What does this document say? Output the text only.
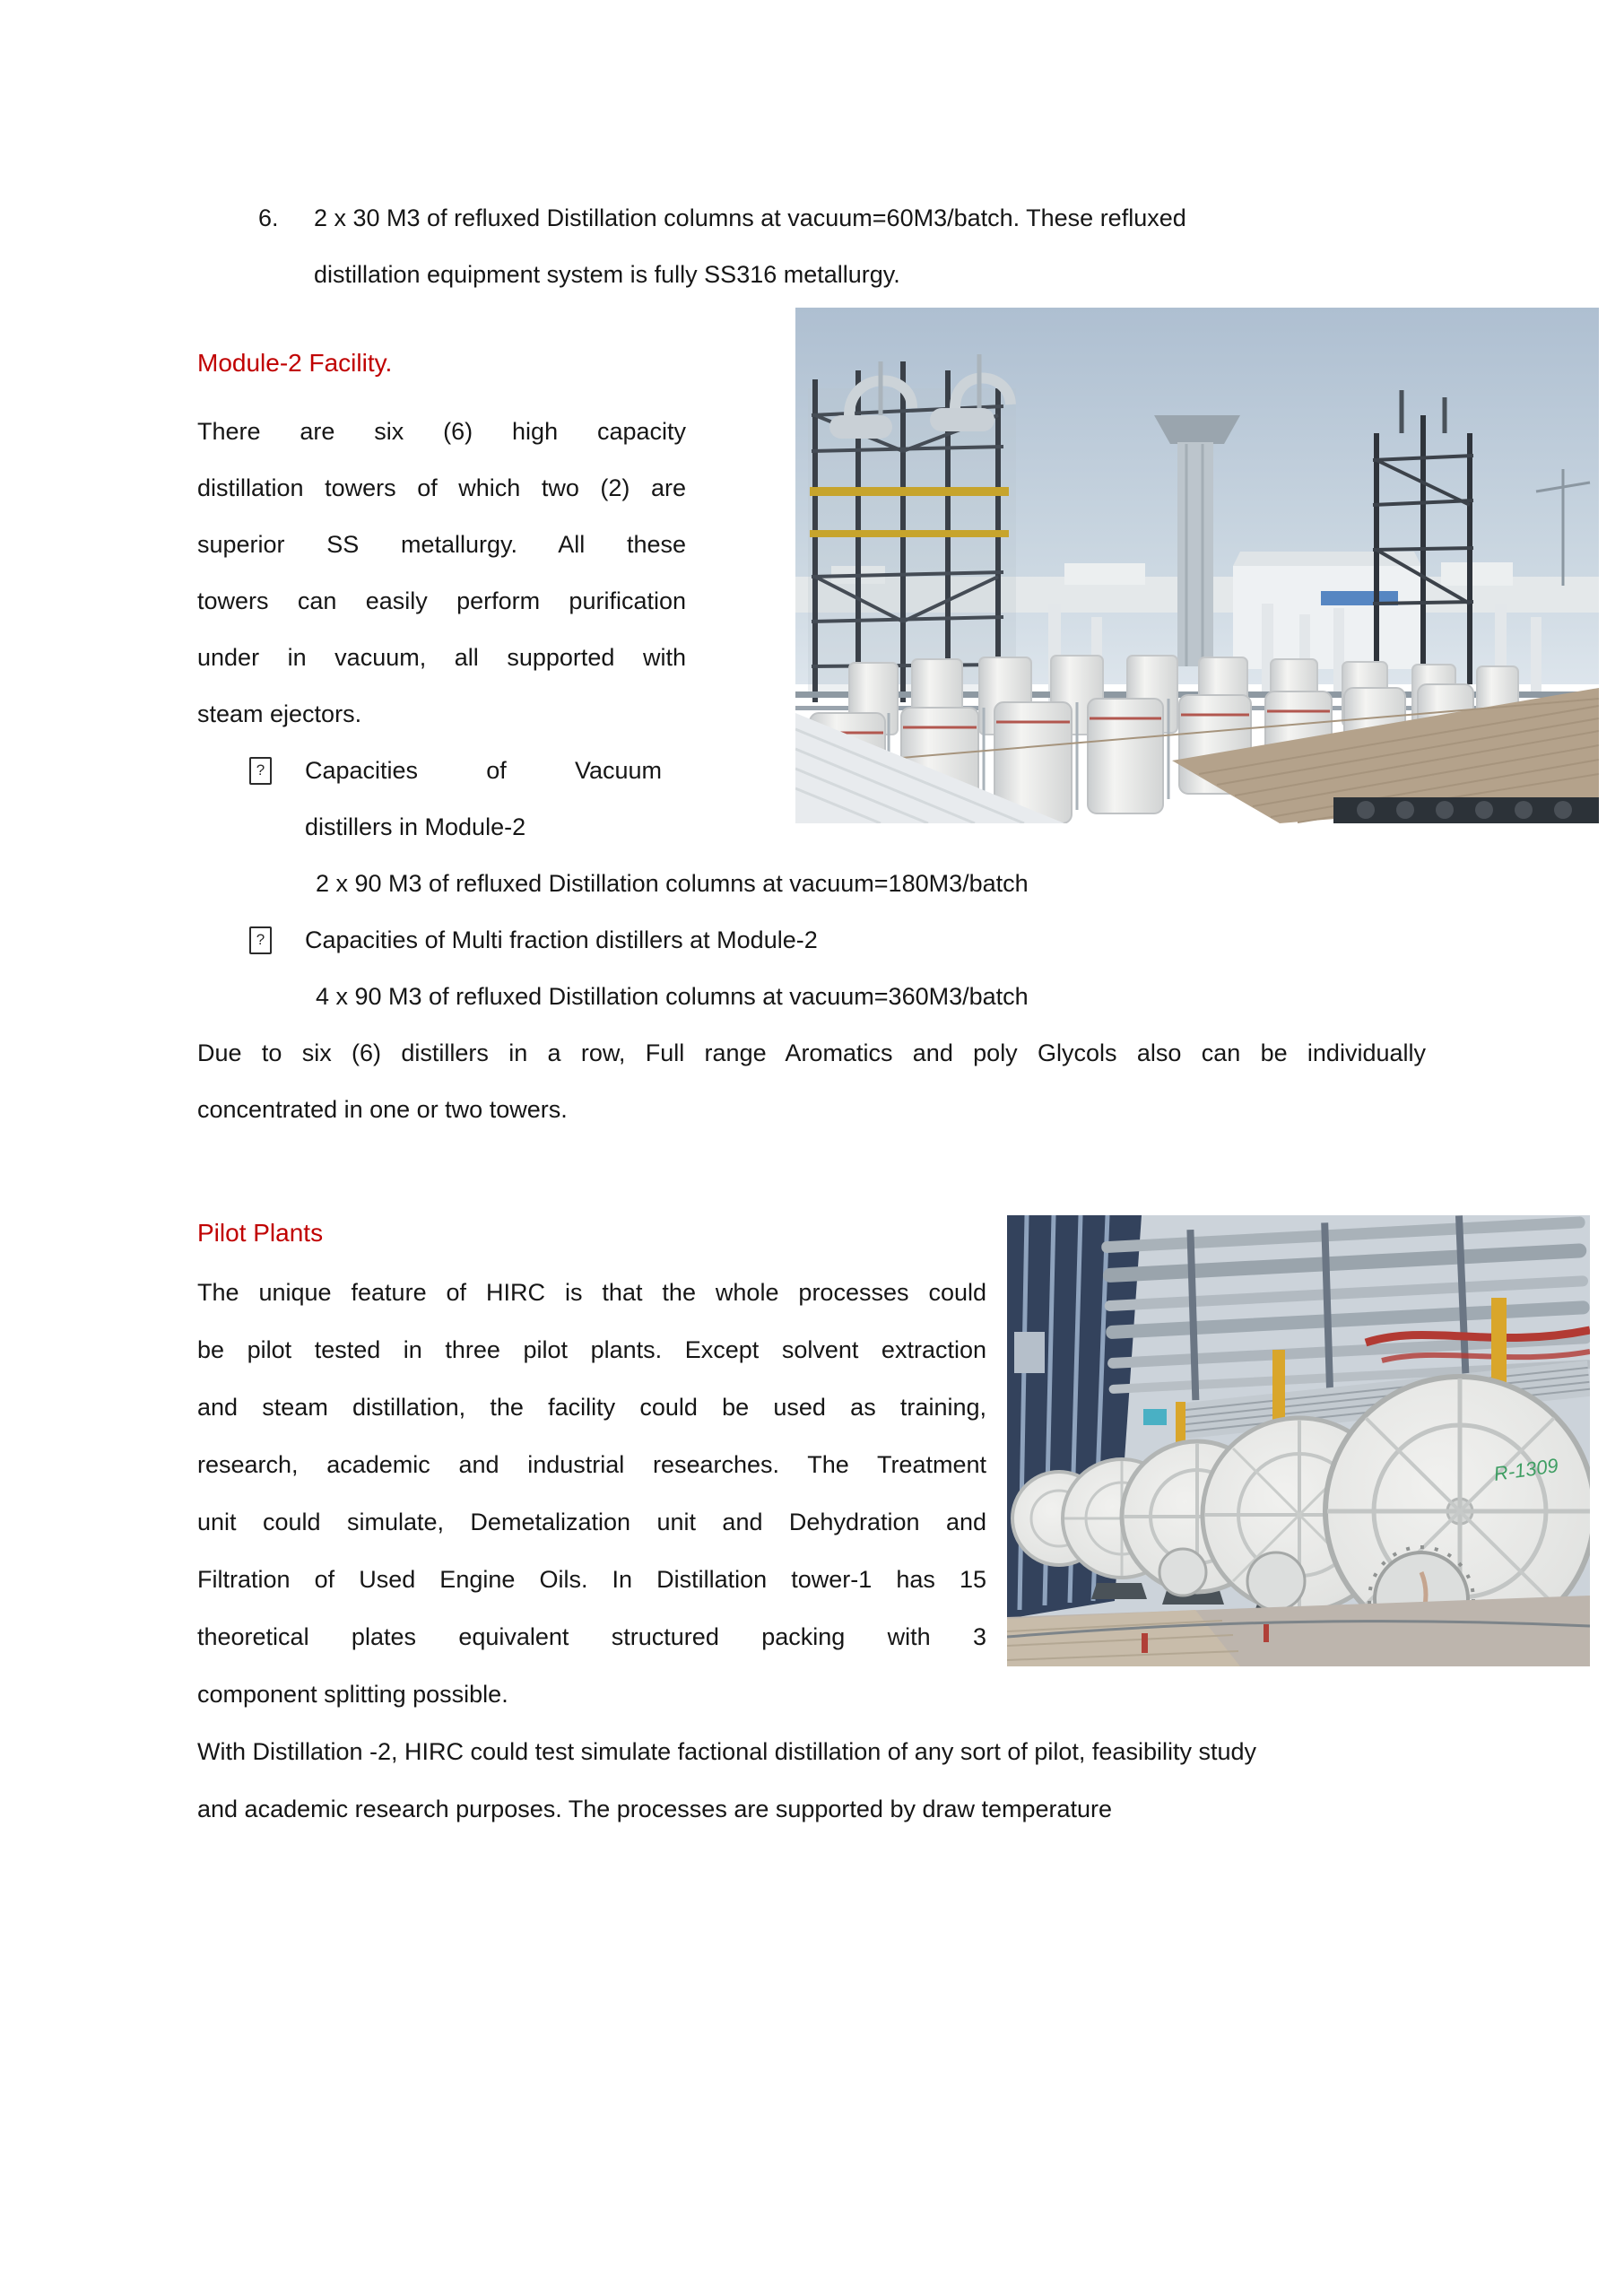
6. 2 x 30 M3 of refluxed Distillation columns at vacuum=60M3/batch. These refluxed
distillation equipment system is fully SS316 metallurgy.
Module-2 Facility.
There are six (6) high capacity
distillation towers of which two (2) are
superior SS metallurgy. All these
towers can easily perform purification
under in vacuum, all supported with
steam ejectors.
? Capacities of Vacuum
distillers in Module-2
2 x 90 M3 of refluxed Distillation columns at vacuum=180M3/batch
? Capacities of Multi fraction distillers at Module-2
4 x 90 M3 of refluxed Distillation columns at vacuum=360M3/batch
Due to six (6) distillers in a row, Full range Aromatics and poly Glycols also can be individually
concentrated in one or two towers.
Pilot Plants
The unique feature of HIRC is that the whole processes could
be pilot tested in three pilot plants. Except solvent extraction
and steam distillation, the facility could be used as training,
research, academic and industrial researches. The Treatment
unit could simulate, Demetalization unit and Dehydration and
Filtration of Used Engine Oils. In Distillation tower-1 has 15
theoretical plates equivalent structured packing with 3
component splitting possible.
With Distillation -2, HIRC could test simulate factional distillation of any sort of pilot, feasibility study
and academic research purposes. The processes are supported by draw temperature
R-1309
